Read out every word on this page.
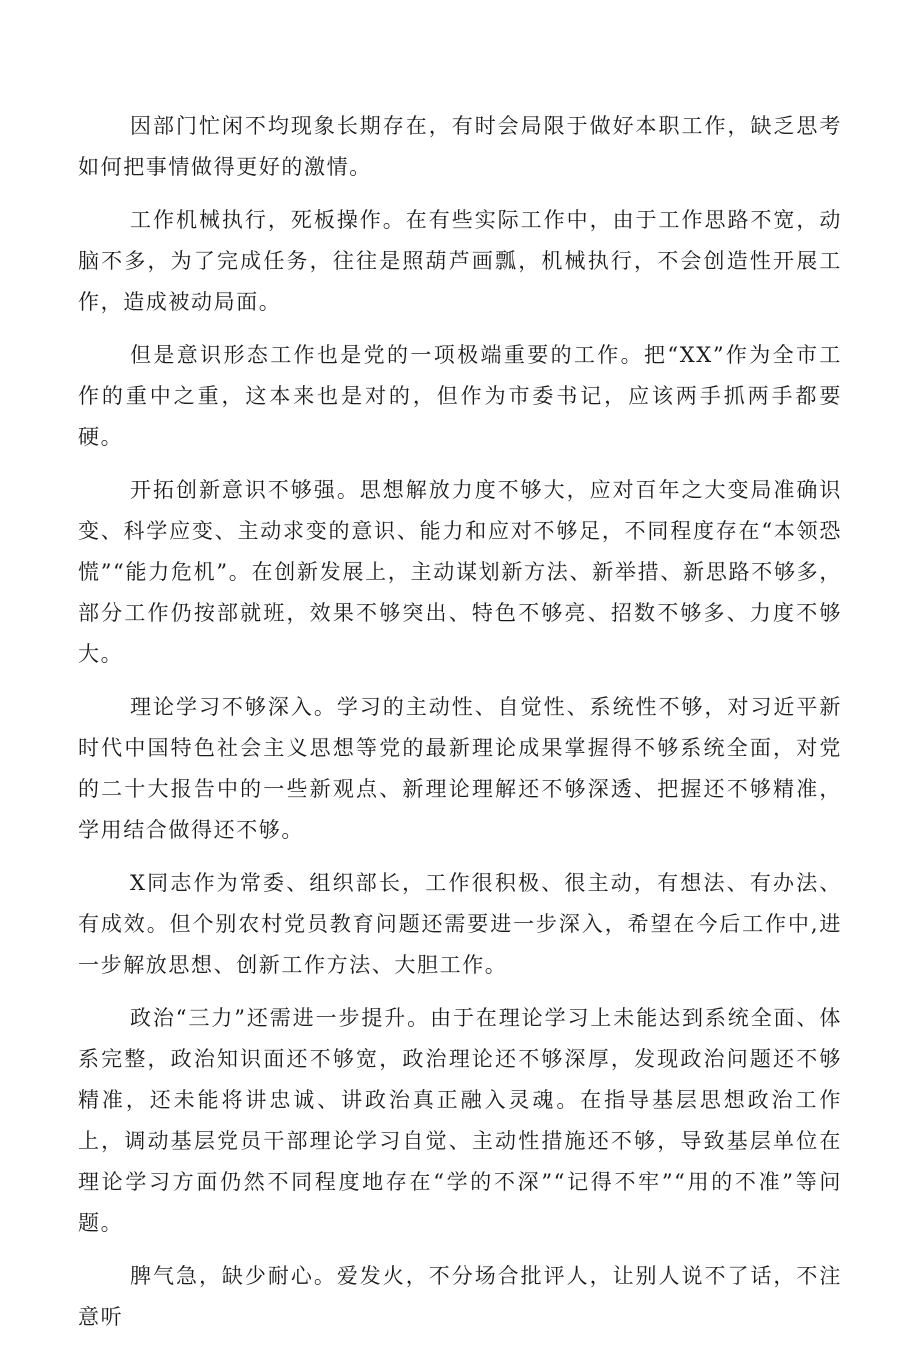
因部门忙闲不均现象长期存在，有时会局限于做好本职工作，缺乏思考如何把事情做得更好的激情。

工作机械执行，死板操作。在有些实际工作中，由于工作思路不宽，动脑不多，为了完成任务，往往是照葫芦画瓢，机械执行，不会创造性开展工作，造成被动局面。

但是意识形态工作也是党的一项极端重要的工作。把“XX”作为全市工作的重中之重，这本来也是对的，但作为市委书记，应该两手抓两手都要硬。

开拓创新意识不够强。思想解放力度不够大，应对百年之大变局准确识变、科学应变、主动求变的意识、能力和应对不够足，不同程度存在“本领恐慌”“能力危机”。在创新发展上，主动谋划新方法、新举措、新思路不够多，部分工作仍按部就班，效果不够突出、特色不够亮、招数不够多、力度不够大。

理论学习不够深入。学习的主动性、自觉性、系统性不够，对习近平新时代中国特色社会主义思想等党的最新理论成果掌握得不够系统全面，对党的二十大报告中的一些新观点、新理论理解还不够深透、把握还不够精准，学用结合做得还不够。

X同志作为常委、组织部长，工作很积极、很主动，有想法、有办法、有成效。但个别农村党员教育问题还需要进一步深入，希望在今后工作中,进一步解放思想、创新工作方法、大胆工作。

政治“三力”还需进一步提升。由于在理论学习上未能达到系统全面、体系完整，政治知识面还不够宽，政治理论还不够深厚，发现政治问题还不够精准，还未能将讲忠诚、讲政治真正融入灵魂。在指导基层思想政治工作上，调动基层党员干部理论学习自觉、主动性措施还不够，导致基层单位在理论学习方面仍然不同程度地存在“学的不深”“记得不牢”“用的不准”等问题。

脾气急，缺少耐心。爱发火，不分场合批评人，让别人说不了话，不注意听
